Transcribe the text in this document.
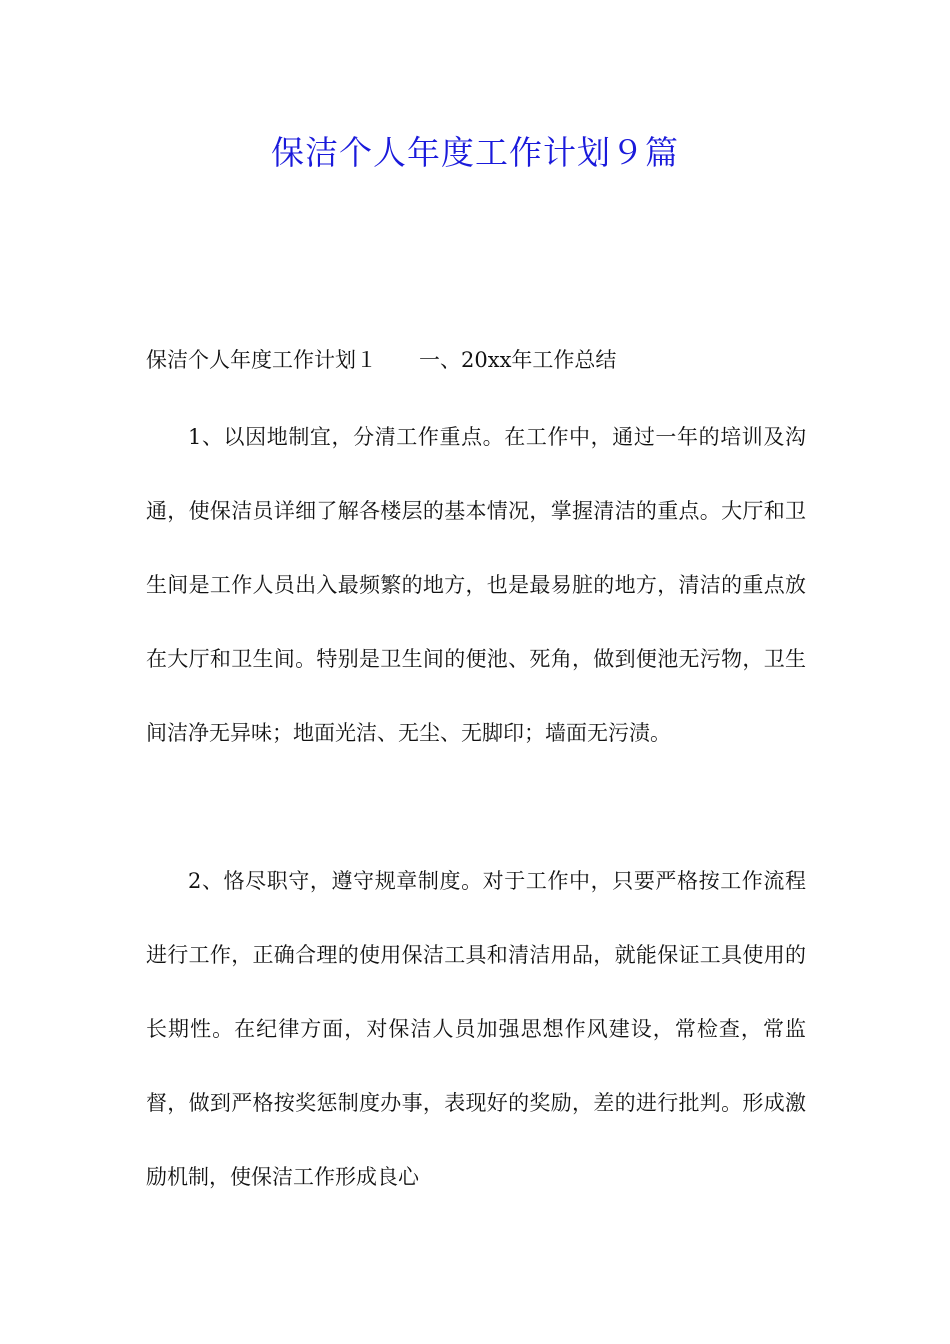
保洁个人年度工作计划９篇
保洁个人年度工作计划１　　一、20xx年工作总结

1、以因地制宜，分清工作重点。在工作中，通过一年的培训及沟通，使保洁员详细了解各楼层的基本情况，掌握清洁的重点。大厅和卫生间是工作人员出入最频繁的地方，也是最易脏的地方，清洁的重点放在大厅和卫生间。特别是卫生间的便池、死角，做到便池无污物，卫生间洁净无异味；地面光洁、无尘、无脚印；墙面无污渍。

2、恪尽职守，遵守规章制度。对于工作中，只要严格按工作流程进行工作，正确合理的使用保洁工具和清洁用品，就能保证工具使用的长期性。在纪律方面，对保洁人员加强思想作风建设，常检查，常监督，做到严格按奖惩制度办事，表现好的奖励，差的进行批判。形成激励机制，使保洁工作形成良心
